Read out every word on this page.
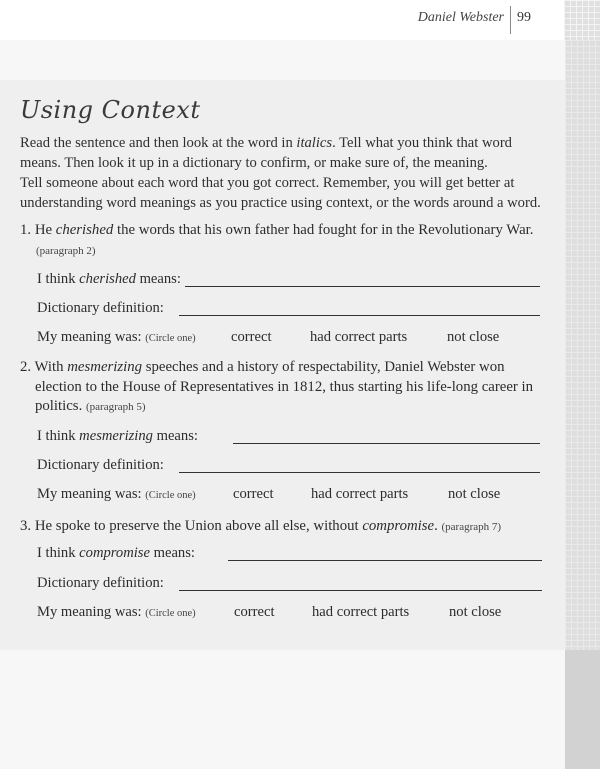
Daniel Webster 99
Using Context

Read the sentence and then look at the word in italics. Tell what you think that word means. Then look it up in a dictionary to confirm, or make sure of, the meaning.

Tell someone about each word that you got correct. Remember, you will get better at understanding word meanings as you practice using context, or the words around a word.

1. He cherished the words that his own father had fought for in the Revolutionary War.
(paragraph 2)
I think cherished means:
Dictionary definition:
My meaning was: (Circle one) correct	had correct parts	not close
2. With mesmerizing speeches and a history of respectability, Daniel Webster won election to the House of Representatives in 1812, thus starting his life-long career in politics. (paragraph 5)
I think mesmerizing means:
Dictionary definition:
My meaning was: (Circle one)	correct	had correct parts	not close
3. He spoke to preserve the Union above all else, without compromise. (paragraph 7)
I think compromise means:
Dictionary definition:
My meaning was: (Circle one)	correct	had correct parts	not close
